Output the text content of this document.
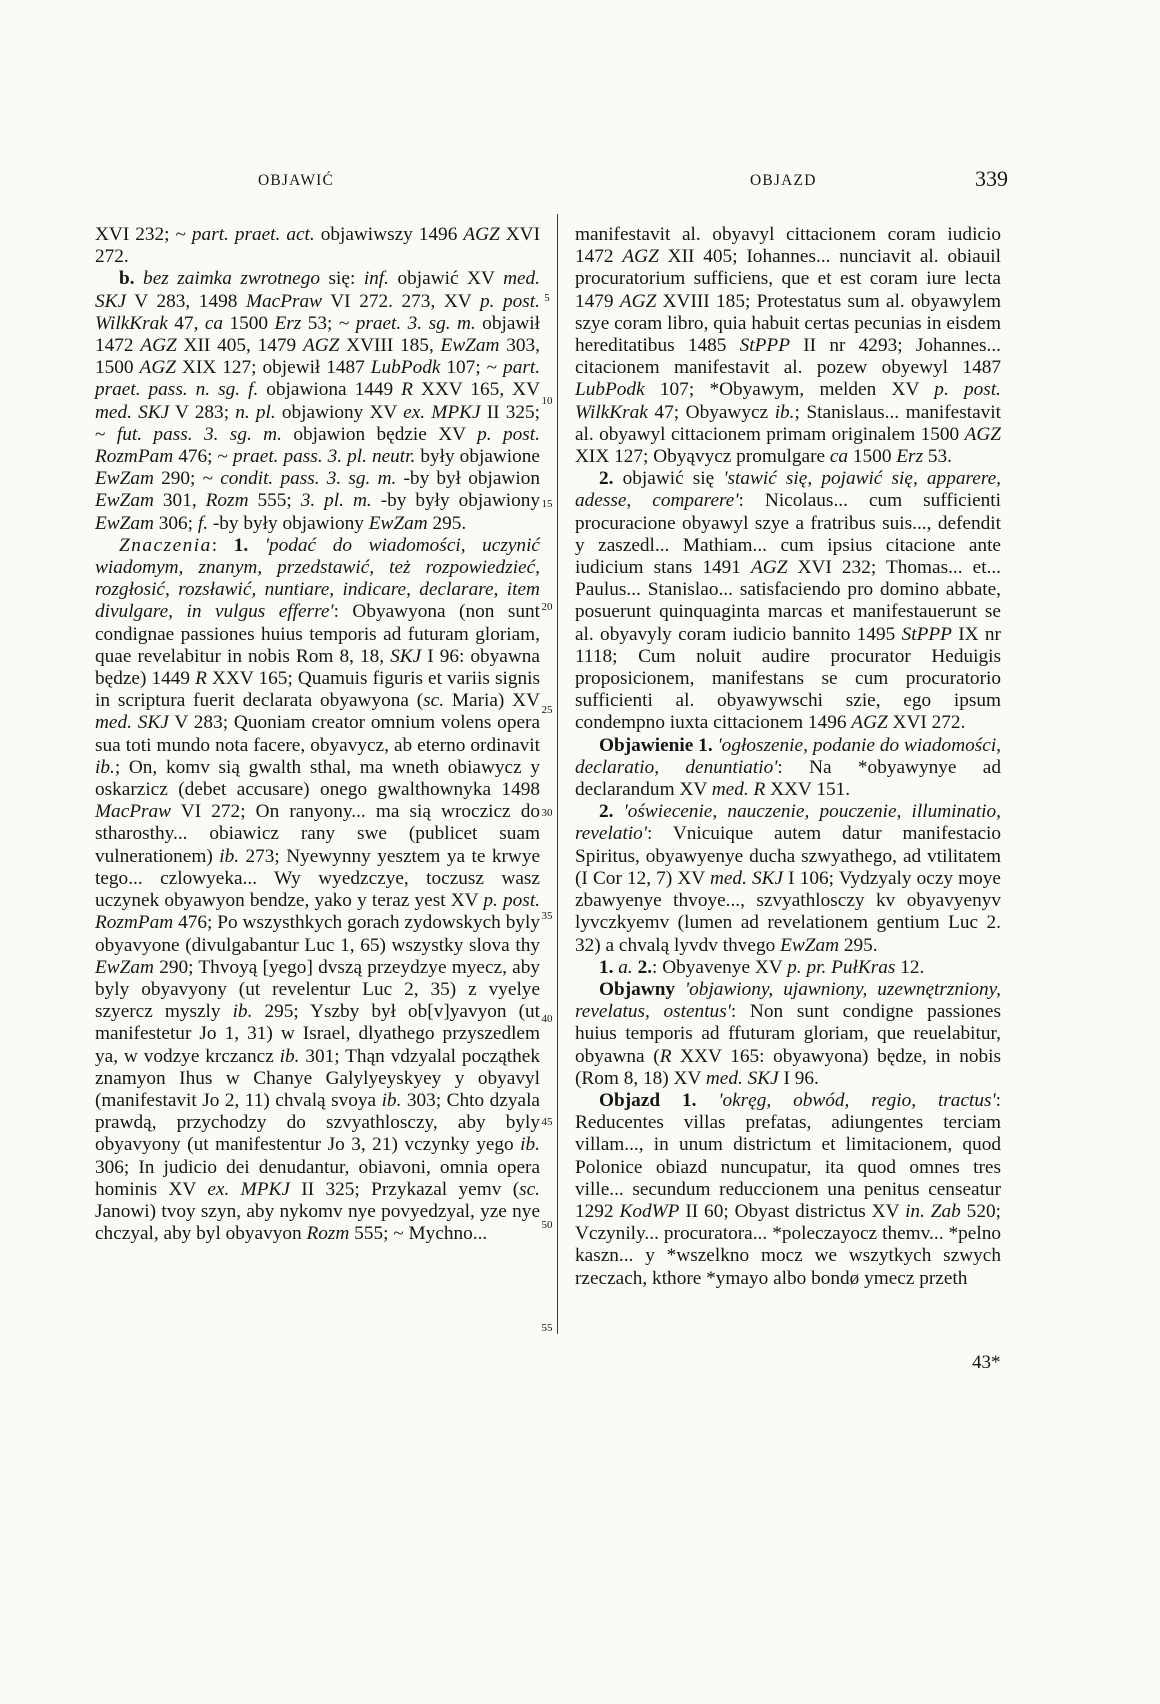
OBJAWIĆ	OBJAZD	339

XVI 232; ~ part. praet. act. objawiwszy 1496 AGZ XVI 272.

b. bez zaimka zwrotnego się: inf. objawić XV med. SKJ V 283, 1498 MacPraw VI 272. 273, XV p. post. WilkKrak 47, ca 1500 Erz 53; ~ praet. 3. sg. m. objawił 1472 AGZ XII 405, 1479 AGZ XVIII 185, EwZam 303, 1500 AGZ XIX 127; objewił 1487 LubPodk 107; ~ part. praet. pass. n. sg. f. objawiona 1449 R XXV 165, XV med. SKJ V 283; n. pl. objawiony XV ex. MPKJ II 325; ~ fut. pass. 3. sg. m. objawion będzie XV p. post. RozmPam 476; ~ praet. pass. 3. pl. neutr. były objawione EwZam 290; ~ condit. pass. 3. sg. m. -by był objawion EwZam 301, Rozm 555; 3. pl. m. -by były objawiony EwZam 306; f. -by były objawiony EwZam 295.

Znaczenia: 1. 'podać do wiadomości, uczynić wiadomym, znanym, przedstawić, też rozpowiedzieć, rozgłosić, rozsławić, nuntiare, indicare, declarare, item divulgare, in vulgus efferre': Obyawyona (non sunt condignae passiones huius temporis ad futuram gloriam, quae revelabitur in nobis Rom 8, 18, SKJ I 96: obyawna będze) 1449 R XXV 165; Quamuis figuris et variis signis in scriptura fuerit declarata obyawyona (sc. Maria) XV med. SKJ V 283; Quoniam creator omnium volens opera sua toti mundo nota facere, obyavycz, ab eterno ordinavit ib.; On, komv sią gwalth sthal, ma wneth obiawycz y oskarzicz (debet accusare) onego gwalthownyka 1498 MacPraw VI 272; On ranyony... ma sią wroczicz do stharosthy... obiawicz rany swe (publicet suam vulnerationem) ib. 273; Nyewynny yesztem ya te krwye tego... czlowyeka... Wy wyedzczye, toczusz wasz uczynek obyawyon bendze, yako y teraz yest XV p. post. RozmPam 476; Po wszysthkych gorach zydowskych byly obyavyone (divulgabantur Luc 1, 65) wszystky slova thy EwZam 290; Thvoyą [yego] dvszą przeydzye myecz, aby byly obyavyony (ut revelentur Luc 2, 35) z vyelye szyercz myszly ib. 295; Yszby był ob[v]yavyon (ut manifestetur Jo 1, 31) w Israel, dlyathego przyszedlem ya, w vodzye krczancz ib. 301; Thąn vdzyalal począthek znamyon Ihus w Chanye Galylyeyskyey y obyavyl (manifestavit Jo 2, 11) chvalą svoya ib. 303; Chto dzyala prawdą, przychodzy do szvyathlosczy, aby byly obyavyony (ut manifestentur Jo 3, 21) vczynky yego ib. 306; In judicio dei denudantur, obiavoni, omnia opera hominis XV ex. MPKJ II 325; Przykazal yemv (sc. Janowi) tvoy szyn, aby nykomv nye povyedzyal, yze nye chczyal, aby byl obyavyon Rozm 555; ~ Mychno...

5
10
15
20
25
30
35
40
45
50
55

manifestavit al. obyavyl cittacionem coram iudicio 1472 AGZ XII 405; Iohannes... nunciavit al. obiauil procuratorium sufficiens, que et est coram iure lecta 1479 AGZ XVIII 185; Protestatus sum al. obyawylem szye coram libro, quia habuit certas pecunias in eisdem hereditatibus 1485 StPPP II nr 4293; Johannes... citacionem manifestavit al. pozew obyewyl 1487 LubPodk 107; *Obyawym, melden XV p. post. WilkKrak 47; Obyawycz ib.; Stanislaus... manifestavit al. obyawyl cittacionem primam originalem 1500 AGZ XIX 127; Obyąvycz promulgare ca 1500 Erz 53.

2. objawić się 'stawić się, pojawić się, apparere, adesse, comparere': Nicolaus... cum sufficienti procuracione obyawyl szye a fratribus suis..., defendit y zaszedl... Mathiam... cum ipsius citacione ante iudicium stans 1491 AGZ XVI 232; Thomas... et... Paulus... Stanislao... satisfaciendo pro domino abbate, posuerunt quinquaginta marcas et manifestauerunt se al. obyavyly coram iudicio bannito 1495 StPPP IX nr 1118; Cum noluit audire procurator Heduigis proposicionem, manifestans se cum procuratorio sufficienti al. obyawywschi szie, ego ipsum condempno iuxta cittacionem 1496 AGZ XVI 272.

Objawienie 1. 'ogłoszenie, podanie do wiadomości, declaratio, denuntiatio': Na *obyawynye ad declarandum XV med. R XXV 151.

2. 'oświecenie, nauczenie, pouczenie, illuminatio, revelatio': Vnicuique autem datur manifestacio Spiritus, obyawyenye ducha szwyathego, ad vtilitatem (I Cor 12, 7) XV med. SKJ I 106; Vydzyaly oczy moye zbawyenye thvoye..., szvyathlosczy kv obyavyenyv lyvczkyemv (lumen ad revelationem gentium Luc 2. 32) a chvalą lyvdv thvego EwZam 295.

1. a. 2.: Obyavenye XV p. pr. PułKras 12.

Objawny 'objawiony, ujawniony, uzewnętrzniony, revelatus, ostentus': Non sunt condigne passiones huius temporis ad ffuturam gloriam, que reuelabitur, obyawna (R XXV 165: obyawyona) będze, in nobis (Rom 8, 18) XV med. SKJ I 96.

Objazd 1. 'okręg, obwód, regio, tractus': Reducentes villas prefatas, adiungentes terciam villam..., in unum districtum et limitacionem, quod Polonice obiazd nuncupatur, ita quod omnes tres ville... secundum reduccionem una penitus censeatur 1292 KodWP II 60; Obyast districtus XV in. Zab 520; Vczynily... procuratora... *poleczayocz themv... *pelno kaszn... y *wszelkno mocz we wszytkych szwych rzeczach, kthore *ymayo albo bondø ymecz przeth

43*
